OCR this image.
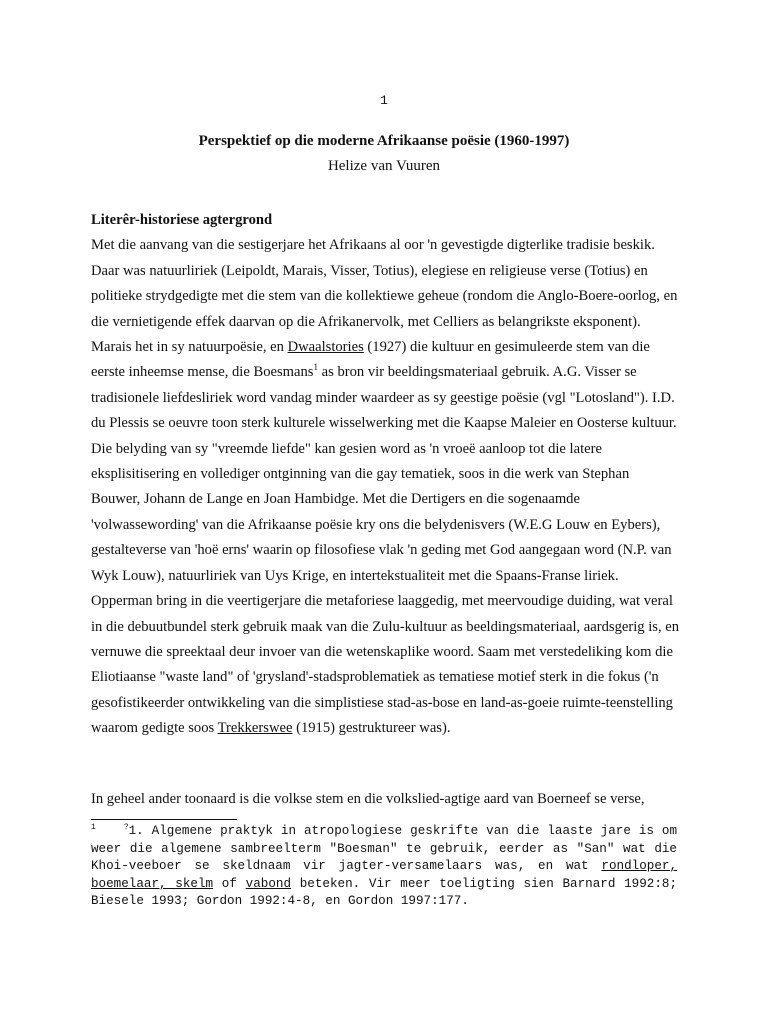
1
Perspektief op die moderne Afrikaanse poësie (1960-1997)
Helize van Vuuren
Literêr-historiese agtergrond
Met die aanvang van die sestigerjare het Afrikaans al oor 'n gevestigde digterlike tradisie beskik. Daar was natuurliriek (Leipoldt, Marais, Visser, Totius), elegiese en religieuse verse (Totius) en politieke strydgedigte met die stem van die kollektiewe geheue (rondom die Anglo-Boere-oorlog, en die vernietigende effek daarvan op die Afrikanervolk, met Celliers as belangrikste eksponent). Marais het in sy natuurpoësie, en Dwaalstories (1927) die kultuur en gesimuleerde stem van die eerste inheemse mense, die Boesmans$^1$ as bron vir beeldingsmateriaal gebruik. A.G. Visser se tradisionele liefdesliriek word vandag minder waardeer as sy geestige poësie (vgl "Lotosland"). I.D. du Plessis se oeuvre toon sterk kulturele wisselwerking met die Kaapse Maleier en Oosterse kultuur. Die belyding van sy "vreemde liefde" kan gesien word as 'n vroeë aanloop tot die latere eksplisitisering en vollediger ontginning van die gay tematiek, soos in die werk van Stephan Bouwer, Johann de Lange en Joan Hambidge. Met die Dertigers en die sogenaamde 'volwassewording' van die Afrikaanse poësie kry ons die belydenisvers (W.E.G Louw en Eybers), gestalteverse van 'hoë erns' waarin op filosofiese vlak 'n geding met God aangegaan word (N.P. van Wyk Louw), natuurliriek van Uys Krige, en intertekstualiteit met die Spaans-Franse liriek. Opperman bring in die veertigerjare die metaforiese laaggedig, met meervoudige duiding, wat veral in die debuutbundel sterk gebruik maak van die Zulu-kultuur as beeldingsmateriaal, aardsgerig is, en vernuwe die spreektaal deur invoer van die wetenskaplike woord. Saam met verstedeliking kom die Eliotiaanse "waste land" of 'grysland'-stadsproblematiek as tematiese motief sterk in die fokus ('n gesofistikeerder ontwikkeling van die simplistiese stad-as-bose en land-as-goeie ruimte-teenstelling waarom gedigte soos Trekkerswee (1915) gestruktureer was).
In geheel ander toonaard is die volkse stem en die volkslied-agtige aard van Boerneef se verse,
$^1$	?1. Algemene praktyk in atropologiese geskrifte van die laaste jare is om weer die algemene sambreelterm "Boesman" te gebruik, eerder as "San" wat die Khoi-veeboer se skeldnaam vir jagter-versamelaars was, en wat rondloper, boemelaar, skelm of vabond beteken. Vir meer toeligting sien Barnard 1992:8; Biesele 1993; Gordon 1992:4-8, en Gordon 1997:177.
